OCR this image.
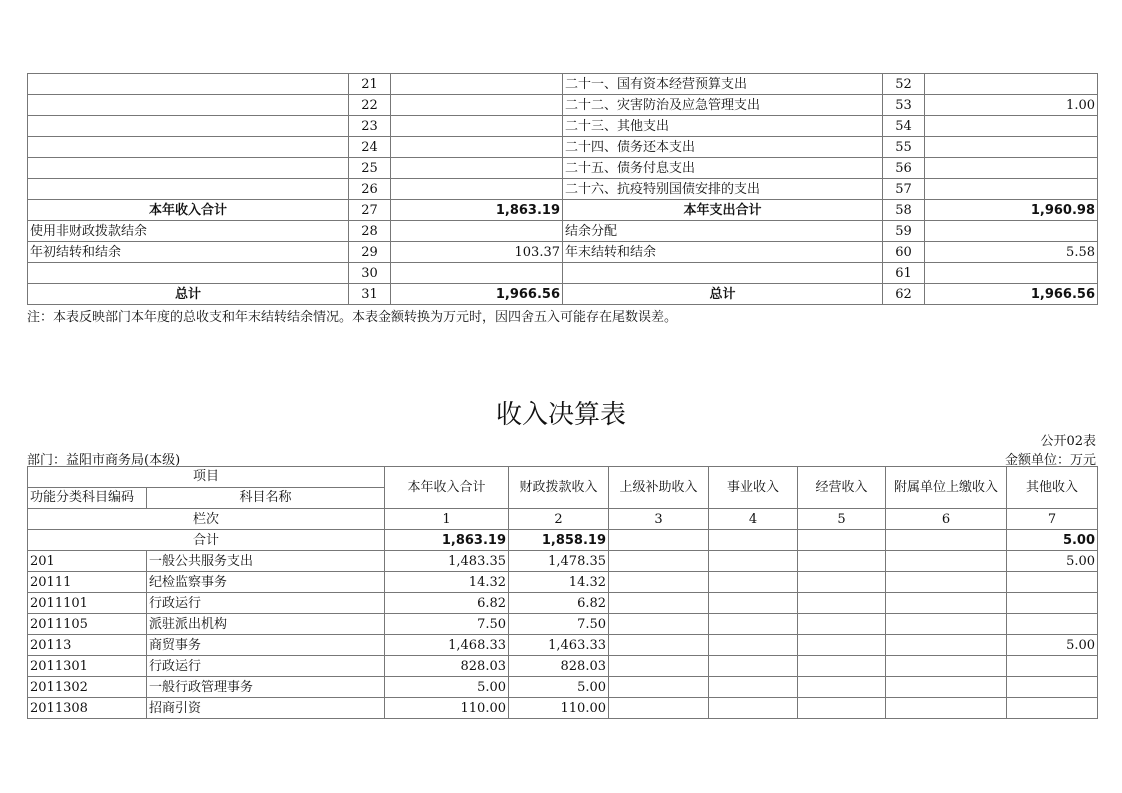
	21		二十一、国有资本经营预算支出	52	
	22		二十二、灾害防治及应急管理支出	53	1.00
	23		二十三、其他支出	54	
	24		二十四、债务还本支出	55	
	25		二十五、债务付息支出	56	
	26		二十六、抗疫特别国债安排的支出	57	
本年收入合计	27	1,863.19	本年支出合计	58	1,960.98
使用非财政拨款结余	28		结余分配	59	
年初结转和结余	29	103.37	年末结转和结余	60	5.58
	30			61	
总计	31	1,966.56	总计	62	1,966.56
注：本表反映部门本年度的总收支和年末结转结余情况。本表金额转换为万元时，因四舍五入可能存在尾数误差。
收入决算表
公开02表
部门：益阳市商务局(本级)	金额单位：万元
项目		本年收入合计	财政拨款收入	上级补助收入	事业收入	经营收入	附属单位上缴收入	其他收入
功能分类科目编码	科目名称							
栏次		1	2	3	4	5	6	7
合计		1,863.19	1,858.19					5.00
201	一般公共服务支出	1,483.35	1,478.35					5.00
20111	纪检监察事务	14.32	14.32					
2011101	行政运行	6.82	6.82					
2011105	派驻派出机构	7.50	7.50					
20113	商贸事务	1,468.33	1,463.33					5.00
2011301	行政运行	828.03	828.03					
2011302	一般行政管理事务	5.00	5.00					
2011308	招商引资	110.00	110.00					
